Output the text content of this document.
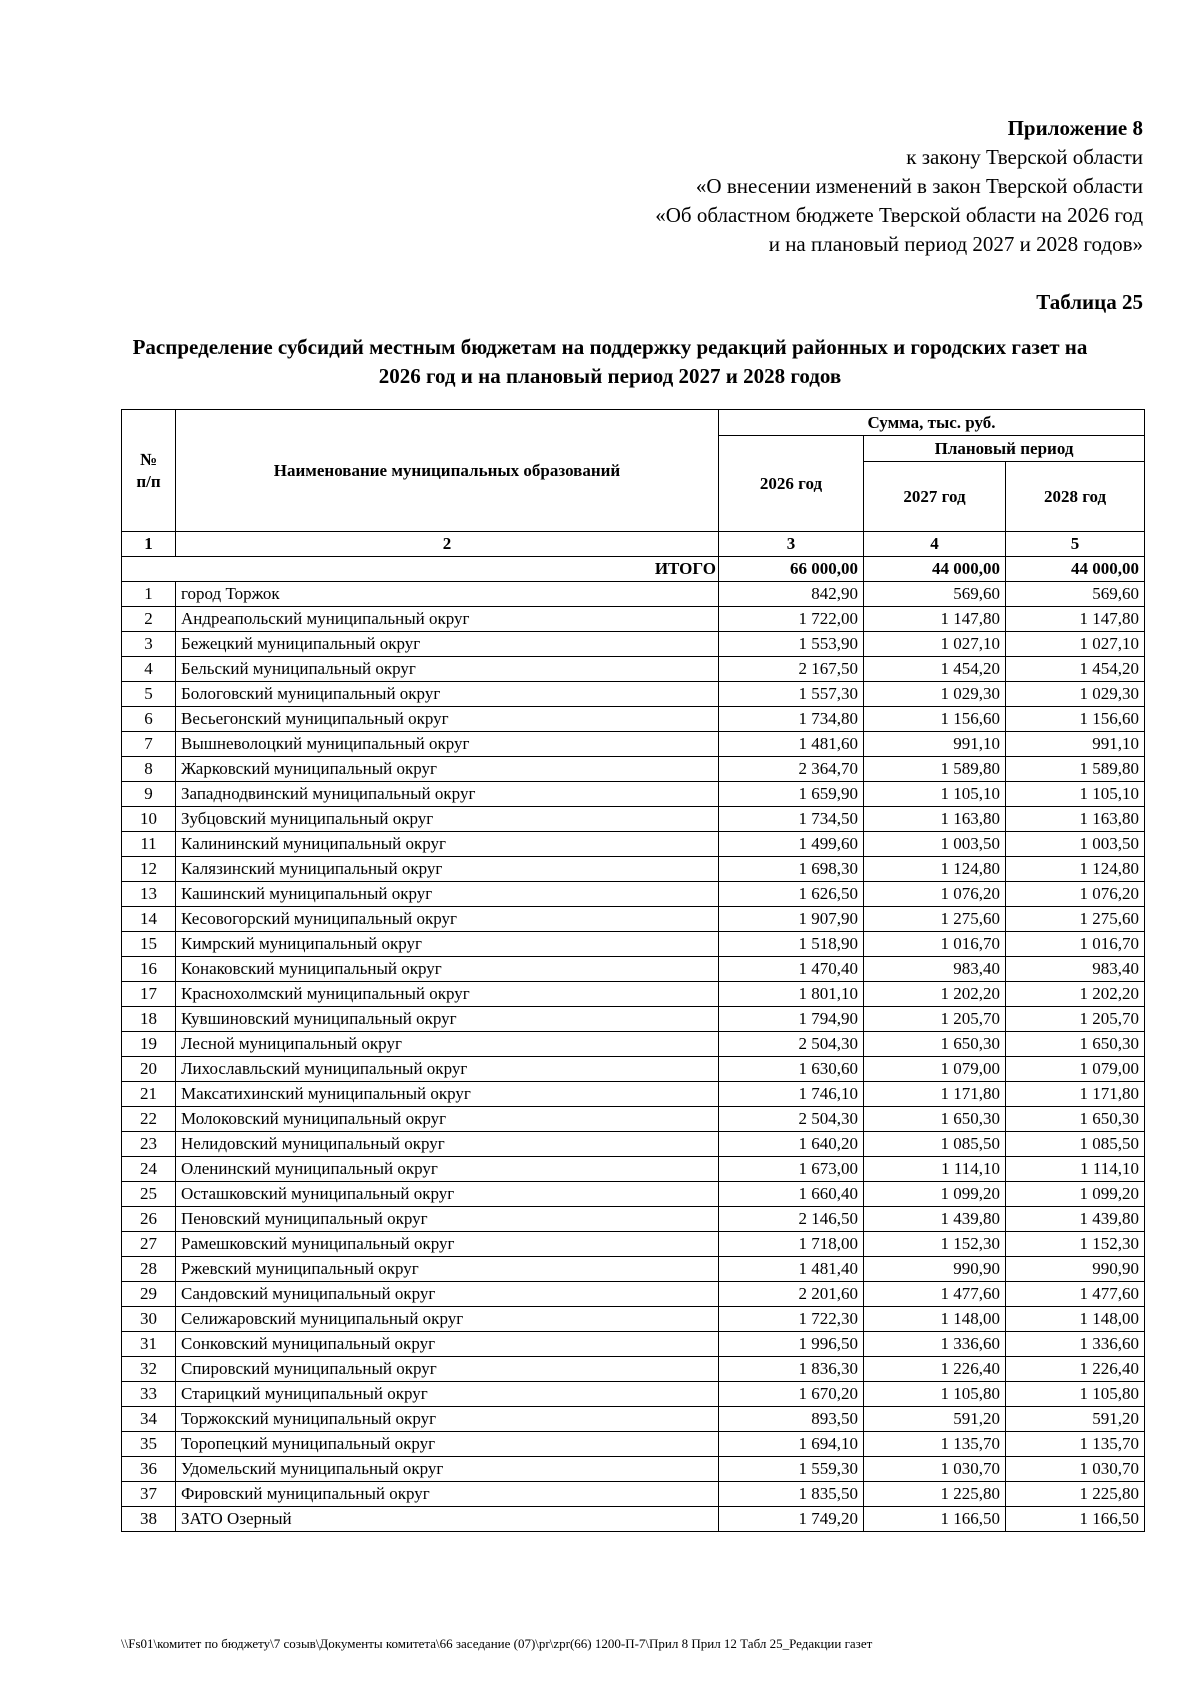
Приложение 8
к закону Тверской области
«О внесении изменений в закон Тверской области
«Об областном бюджете Тверской области на 2026 год
и на плановый период 2027 и 2028 годов»
Таблица 25
Распределение субсидий местным бюджетам на поддержку редакций районных и городских газет на
2026 год и на плановый период 2027 и 2028 годов
№ п/п	Наименование муниципальных образований	Сумма, тыс. руб.		
		2026 год	Плановый период	
			2027 год	2028 год
1	2	3	4	5
ИТОГО		66 000,00	44 000,00	44 000,00
1	город Торжок	842,90	569,60	569,60
2	Андреапольский муниципальный округ	1 722,00	1 147,80	1 147,80
3	Бежецкий муниципальный округ	1 553,90	1 027,10	1 027,10
4	Бельский муниципальный округ	2 167,50	1 454,20	1 454,20
5	Бологовский муниципальный округ	1 557,30	1 029,30	1 029,30
6	Весьегонский муниципальный округ	1 734,80	1 156,60	1 156,60
7	Вышневолоцкий муниципальный округ	1 481,60	991,10	991,10
8	Жарковский муниципальный округ	2 364,70	1 589,80	1 589,80
9	Западнодвинский муниципальный округ	1 659,90	1 105,10	1 105,10
10	Зубцовский муниципальный округ	1 734,50	1 163,80	1 163,80
11	Калининский муниципальный округ	1 499,60	1 003,50	1 003,50
12	Калязинский муниципальный округ	1 698,30	1 124,80	1 124,80
13	Кашинский муниципальный округ	1 626,50	1 076,20	1 076,20
14	Кесовогорский муниципальный округ	1 907,90	1 275,60	1 275,60
15	Кимрский муниципальный округ	1 518,90	1 016,70	1 016,70
16	Конаковский муниципальный округ	1 470,40	983,40	983,40
17	Краснохолмский муниципальный округ	1 801,10	1 202,20	1 202,20
18	Кувшиновский муниципальный округ	1 794,90	1 205,70	1 205,70
19	Лесной муниципальный округ	2 504,30	1 650,30	1 650,30
20	Лихославльский муниципальный округ	1 630,60	1 079,00	1 079,00
21	Максатихинский муниципальный округ	1 746,10	1 171,80	1 171,80
22	Молоковский муниципальный округ	2 504,30	1 650,30	1 650,30
23	Нелидовский муниципальный округ	1 640,20	1 085,50	1 085,50
24	Оленинский муниципальный округ	1 673,00	1 114,10	1 114,10
25	Осташковский муниципальный округ	1 660,40	1 099,20	1 099,20
26	Пеновский муниципальный округ	2 146,50	1 439,80	1 439,80
27	Рамешковский муниципальный округ	1 718,00	1 152,30	1 152,30
28	Ржевский муниципальный округ	1 481,40	990,90	990,90
29	Сандовский муниципальный округ	2 201,60	1 477,60	1 477,60
30	Селижаровский муниципальный округ	1 722,30	1 148,00	1 148,00
31	Сонковский муниципальный округ	1 996,50	1 336,60	1 336,60
32	Спировский муниципальный округ	1 836,30	1 226,40	1 226,40
33	Старицкий муниципальный округ	1 670,20	1 105,80	1 105,80
34	Торжокский муниципальный округ	893,50	591,20	591,20
35	Торопецкий муниципальный округ	1 694,10	1 135,70	1 135,70
36	Удомельский муниципальный округ	1 559,30	1 030,70	1 030,70
37	Фировский муниципальный округ	1 835,50	1 225,80	1 225,80
38	ЗАТО Озерный	1 749,20	1 166,50	1 166,50
\\Fs01\комитет по бюджету\7 созыв\Документы комитета\66 заседание (07)\pr\zpr(66) 1200-П-7\Прил 8 Прил 12 Табл 25_Редакции газет
